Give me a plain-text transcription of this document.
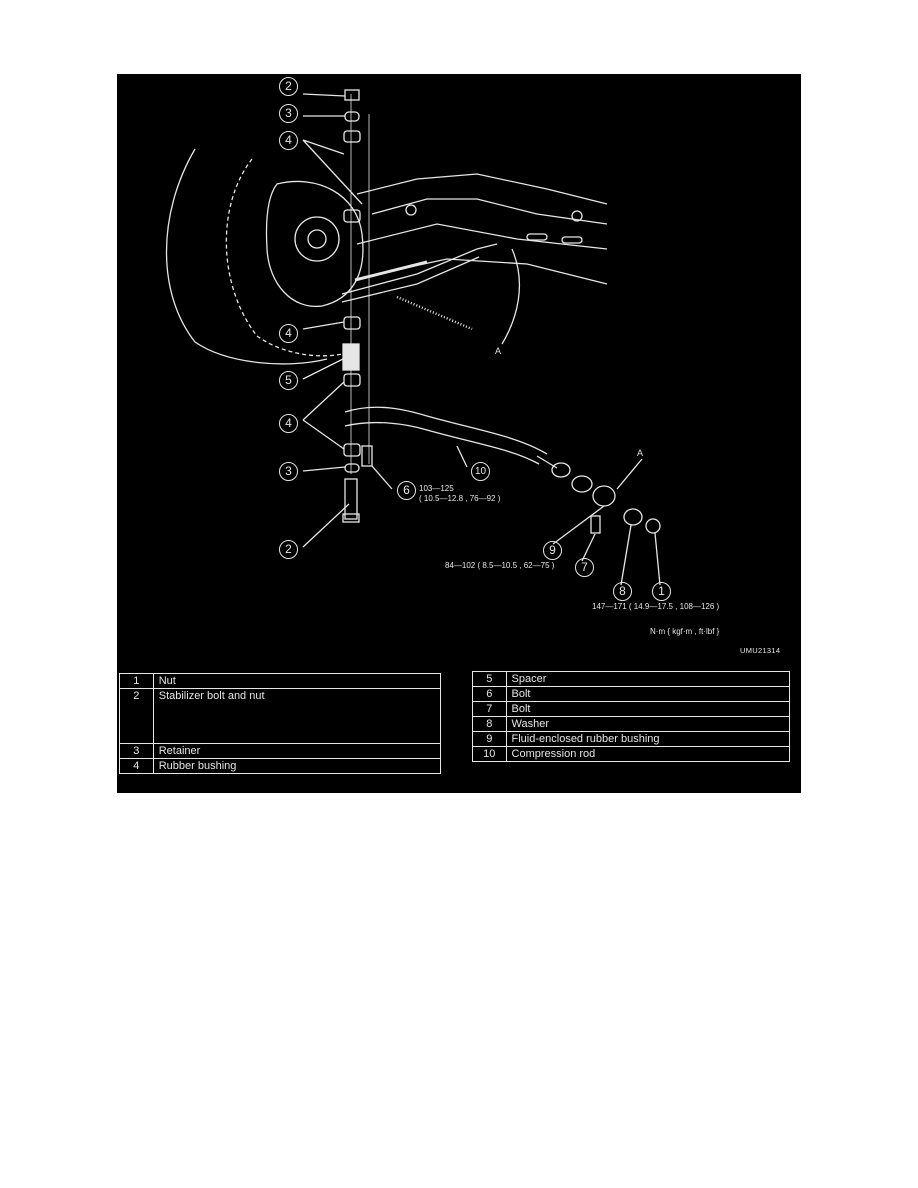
2
3
4
4
5
4
3
2
6
10
9
7
8	1
A
A
103—125
( 10.5—12.8 , 76—92 )
84—102 ( 8.5—10.5 , 62—75 )
147—171 ( 14.9—17.5 , 108—126 )
N·m { kgf·m , ft·lbf }
UMU21314
1	Nut
2	Stabilizer bolt and nut
3	Retainer
4	Rubber bushing
5	Spacer
6	Bolt
7	Bolt
8	Washer
9	Fluid-enclosed rubber bushing
10	Compression rod
